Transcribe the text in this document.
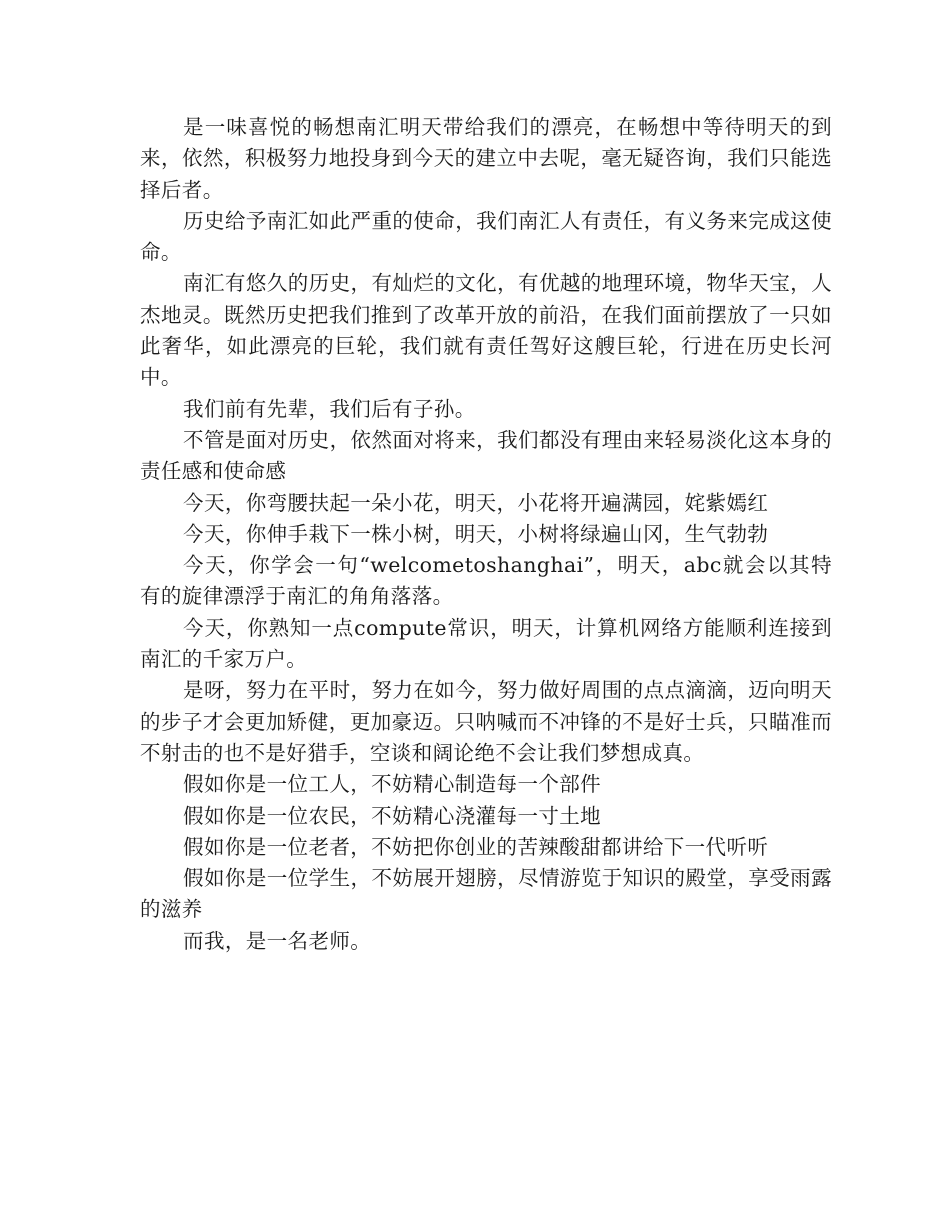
是一味喜悦的畅想南汇明天带给我们的漂亮，在畅想中等待明天的到来，依然，积极努力地投身到今天的建立中去呢，毫无疑咨询，我们只能选择后者。

历史给予南汇如此严重的使命，我们南汇人有责任，有义务来完成这使命。

南汇有悠久的历史，有灿烂的文化，有优越的地理环境，物华天宝，人杰地灵。既然历史把我们推到了改革开放的前沿，在我们面前摆放了一只如此奢华，如此漂亮的巨轮，我们就有责任驾好这艘巨轮，行进在历史长河中。

我们前有先辈，我们后有子孙。

不管是面对历史，依然面对将来，我们都没有理由来轻易淡化这本身的责任感和使命感

今天，你弯腰扶起一朵小花，明天，小花将开遍满园，姹紫嫣红

今天，你伸手栽下一株小树，明天，小树将绿遍山冈，生气勃勃

今天，你学会一句“welcometoshanghai”，明天，abc就会以其特有的旋律漂浮于南汇的角角落落。

今天，你熟知一点compute常识，明天，计算机网络方能顺利连接到南汇的千家万户。

是呀，努力在平时，努力在如今，努力做好周围的点点滴滴，迈向明天的步子才会更加矫健，更加豪迈。只呐喊而不冲锋的不是好士兵，只瞄准而不射击的也不是好猎手，空谈和阔论绝不会让我们梦想成真。

假如你是一位工人，不妨精心制造每一个部件

假如你是一位农民，不妨精心浇灌每一寸土地

假如你是一位老者，不妨把你创业的苦辣酸甜都讲给下一代听听

假如你是一位学生，不妨展开翅膀，尽情游览于知识的殿堂，享受雨露的滋养

而我，是一名老师。
